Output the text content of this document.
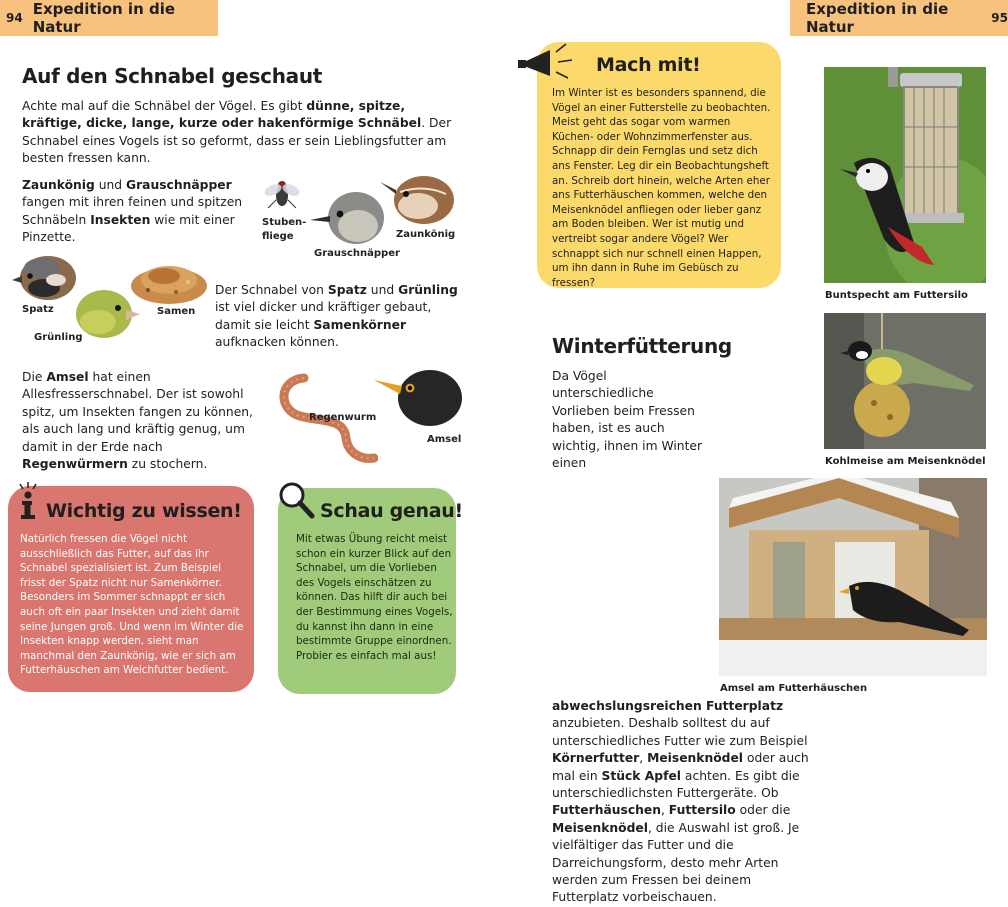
94 Expedition in die Natur
Expedition in die Natur	95
Auf den Schnabel geschaut

Achte mal auf die Schnäbel der Vögel. Es gibt dünne, spitze, kräftige, dicke, lange, kurze oder hakenförmige Schnäbel. Der Schnabel eines Vogels ist so geformt, dass er sein Lieblingsfutter am besten fressen kann.

Zaunkönig und Grauschnäpper fangen mit ihren feinen und spitzen Schnäbeln Insekten wie mit einer Pinzette.

Stuben-
fliege
Grauschnäpper
Zaunkönig
Spatz
Grünling
Samen

Der Schnabel von Spatz und Grünling ist viel dicker und kräftiger gebaut, damit sie leicht Samenkörner aufknacken können.

Die Amsel hat einen Allesfresserschnabel. Der ist sowohl spitz, um Insekten fangen zu können, als auch lang und kräftig genug, um damit in der Erde nach Regenwürmern zu stochern.

Regenwurm
Amsel
Wichtig zu wissen!

Natürlich fressen die Vögel nicht ausschließlich das Futter, auf das ihr Schnabel spezialisiert ist. Zum Beispiel frisst der Spatz nicht nur Samenkörner. Besonders im Sommer schnappt er sich auch oft ein paar Insekten und zieht damit seine Jungen groß. Und wenn im Winter die Insekten knapp werden, sieht man manchmal den Zaunkönig, wie er sich am Futterhäuschen am Weichfutter bedient.

Schau genau!

Mit etwas Übung reicht meist schon ein kurzer Blick auf den Schnabel, um die Vorlieben des Vogels einschätzen zu können. Das hilft dir auch bei der Bestimmung eines Vogels, du kannst ihn dann in eine bestimmte Gruppe einordnen. Probier es einfach mal aus!

Mach mit!

Im Winter ist es besonders spannend, die Vögel an einer Futterstelle zu beobachten. Meist geht das sogar vom warmen Küchen- oder Wohnzimmerfenster aus. Schnapp dir dein Fernglas und setz dich ans Fenster. Leg dir ein Beobachtungsheft an. Schreib dort hinein, welche Arten eher ans Futterhäuschen kommen, welche den Meisenknödel anfliegen oder lieber ganz am Boden bleiben. Wer ist mutig und vertreibt sogar andere Vögel? Wer schnappt sich nur schnell einen Happen, um ihn dann in Ruhe im Gebüsch zu fressen?

Winterfütterung
Da Vögel unterschiedliche Vorlieben beim Fressen haben, ist es auch wichtig, ihnen im Winter einen abwechslungsreichen Futterplatz anzubieten. Deshalb solltest du auf unterschiedliches Futter wie zum Beispiel Körnerfutter, Meisenknödel oder auch mal ein Stück Apfel achten. Es gibt die unterschiedlichsten Futtergeräte. Ob Futterhäuschen, Futtersilo oder die Meisenknödel, die Auswahl ist groß. Je vielfältiger das Futter und die Darreichungsform, desto mehr Arten werden zum Fressen bei deinem Futterplatz vorbeischauen.
Buntspecht am Futtersilo
Kohlmeise am Meisenknödel
Amsel am Futterhäuschen
